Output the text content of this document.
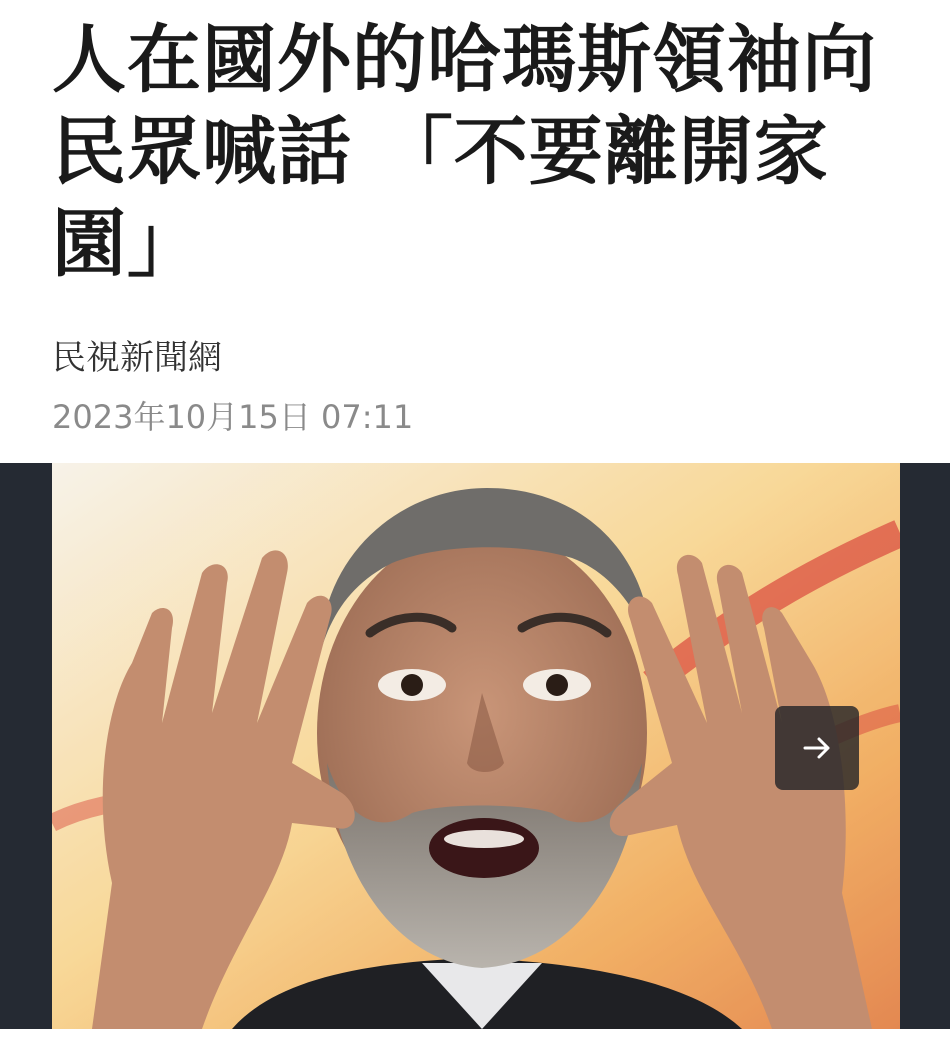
人在國外的哈瑪斯領袖向民眾喊話 「不要離開家園」
民視新聞網
2023年10月15日 07:11
